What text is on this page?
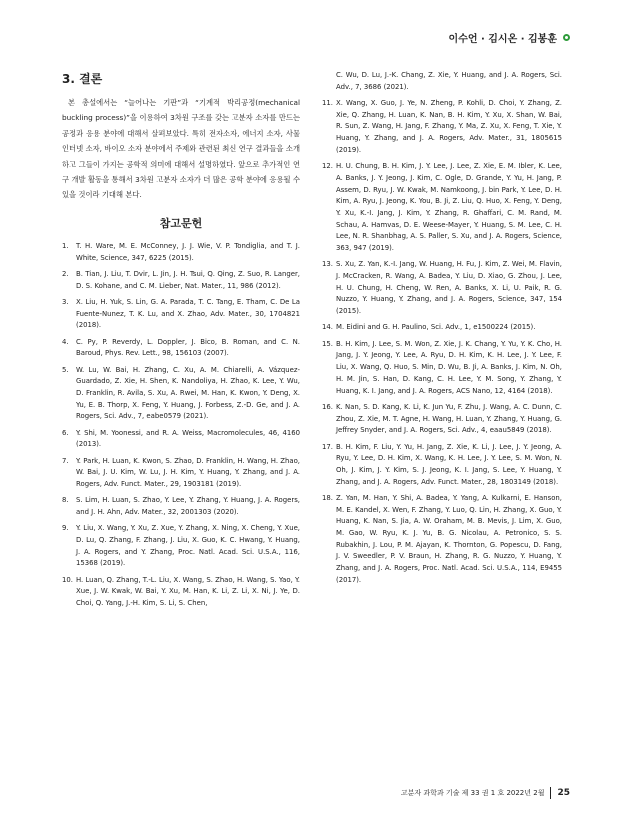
이수언 · 김시온 · 김봉훈
3. 결론

본 총설에서는 “늘어나는 기판”과 “기계적 박리공정(mechanical buckling process)”을 이용하여 3차원 구조를 갖는 고분자 소자를 만드는 공정과 응용 분야에 대해서 살펴보았다. 특히 전자소자, 에너지 소자, 사물인터넷 소자, 바이오 소자 분야에서 주제와 관련된 최신 연구 결과들을 소개하고 그들이 가지는 공학적 의미에 대해서 설명하였다. 앞으로 추가적인 연구 개발 활동을 통해서 3차원 고분자 소자가 더 많은 공학 분야에 응용될 수 있을 것이라 기대해 본다.

참고문헌
1. T. H. Ware, M. E. McConney, J. J. Wie, V. P. Tondiglia, and T. J. White, Science, 347, 6225 (2015).
2. B. Tian, J. Liu, T. Dvir, L. Jin, J. H. Tsui, Q. Qing, Z. Suo, R. Langer, D. S. Kohane, and C. M. Lieber, Nat. Mater., 11, 986 (2012).
3. X. Liu, H. Yuk, S. Lin, G. A. Parada, T. C. Tang, E. Tham, C. De La Fuente-Nunez, T. K. Lu, and X. Zhao, Adv. Mater., 30, 1704821 (2018).
4. C. Py, P. Reverdy, L. Doppler, J. Bico, B. Roman, and C. N. Baroud, Phys. Rev. Lett., 98, 156103 (2007).
5. W. Lu, W. Bai, H. Zhang, C. Xu, A. M. Chiarelli, A. Vázquez-Guardado, Z. Xie, H. Shen, K. Nandoliya, H. Zhao, K. Lee, Y. Wu, D. Franklin, R. Avila, S. Xu, A. Rwei, M. Han, K. Kwon, Y. Deng, X. Yu, E. B. Thorp, X. Feng, Y. Huang, J. Forbess, Z.-D. Ge, and J. A. Rogers, Sci. Adv., 7, eabe0579 (2021).
6. Y. Shi, M. Yoonessi, and R. A. Weiss, Macromolecules, 46, 4160 (2013).
7. Y. Park, H. Luan, K. Kwon, S. Zhao, D. Franklin, H. Wang, H. Zhao, W. Bai, J. U. Kim, W. Lu, J. H. Kim, Y. Huang, Y. Zhang, and J. A. Rogers, Adv. Funct. Mater., 29, 1903181 (2019).
8. S. Lim, H. Luan, S. Zhao, Y. Lee, Y. Zhang, Y. Huang, J. A. Rogers, and J. H. Ahn, Adv. Mater., 32, 2001303 (2020).
9. Y. Liu, X. Wang, Y. Xu, Z. Xue, Y. Zhang, X. Ning, X. Cheng, Y. Xue, D. Lu, Q. Zhang, F. Zhang, J. Liu, X. Guo, K. C. Hwang, Y. Huang, J. A. Rogers, and Y. Zhang, Proc. Natl. Acad. Sci. U.S.A., 116, 15368 (2019).
10. H. Luan, Q. Zhang, T.-L. Liu, X. Wang, S. Zhao, H. Wang, S. Yao, Y. Xue, J. W. Kwak, W. Bai, Y. Xu, M. Han, K. Li, Z. Li, X. Ni, J. Ye, D. Choi, Q. Yang, J.-H. Kim, S. Li, S. Chen,
C. Wu, D. Lu, J.-K. Chang, Z. Xie, Y. Huang, and J. A. Rogers, Sci. Adv., 7, 3686 (2021).
11. X. Wang, X. Guo, J. Ye, N. Zheng, P. Kohli, D. Choi, Y. Zhang, Z. Xie, Q. Zhang, H. Luan, K. Nan, B. H. Kim, Y. Xu, X. Shan, W. Bai, R. Sun, Z. Wang, H. Jang, F. Zhang, Y. Ma, Z. Xu, X. Feng, T. Xie, Y. Huang, Y. Zhang, and J. A. Rogers, Adv. Mater., 31, 1805615 (2019).
12. H. U. Chung, B. H. Kim, J. Y. Lee, J. Lee, Z. Xie, E. M. Ibler, K. Lee, A. Banks, J. Y. Jeong, J. Kim, C. Ogle, D. Grande, Y. Yu, H. Jang, P. Assem, D. Ryu, J. W. Kwak, M. Namkoong, J. bin Park, Y. Lee, D. H. Kim, A. Ryu, J. Jeong, K. You, B. Ji, Z. Liu, Q. Huo, X. Feng, Y. Deng, Y. Xu, K.-I. Jang, J. Kim, Y. Zhang, R. Ghaffari, C. M. Rand, M. Schau, A. Hamvas, D. E. Weese-Mayer, Y. Huang, S. M. Lee, C. H. Lee, N. R. Shanbhag, A. S. Paller, S. Xu, and J. A. Rogers, Science, 363, 947 (2019).
13. S. Xu, Z. Yan, K.-I. Jang, W. Huang, H. Fu, J. Kim, Z. Wei, M. Flavin, J. McCracken, R. Wang, A. Badea, Y. Liu, D. Xiao, G. Zhou, J. Lee, H. U. Chung, H. Cheng, W. Ren, A. Banks, X. Li, U. Paik, R. G. Nuzzo, Y. Huang, Y. Zhang, and J. A. Rogers, Science, 347, 154 (2015).
14. M. Eidini and G. H. Paulino, Sci. Adv., 1, e1500224 (2015).
15. B. H. Kim, J. Lee, S. M. Won, Z. Xie, J. K. Chang, Y. Yu, Y. K. Cho, H. Jang, J. Y. Jeong, Y. Lee, A. Ryu, D. H. Kim, K. H. Lee, J. Y. Lee, F. Liu, X. Wang, Q. Huo, S. Min, D. Wu, B. Ji, A. Banks, J. Kim, N. Oh, H. M. Jin, S. Han, D. Kang, C. H. Lee, Y. M. Song, Y. Zhang, Y. Huang, K. I. Jang, and J. A. Rogers, ACS Nano, 12, 4164 (2018).
16. K. Nan, S. D. Kang, K. Li, K. Jun Yu, F. Zhu, J. Wang, A. C. Dunn, C. Zhou, Z. Xie, M. T. Agne, H. Wang, H. Luan, Y. Zhang, Y. Huang, G. Jeffrey Snyder, and J. A. Rogers, Sci. Adv., 4, eaau5849 (2018).
17. B. H. Kim, F. Liu, Y. Yu, H. Jang, Z. Xie, K. Li, J. Lee, J. Y. Jeong, A. Ryu, Y. Lee, D. H. Kim, X. Wang, K. H. Lee, J. Y. Lee, S. M. Won, N. Oh, J. Kim, J. Y. Kim, S. J. Jeong, K. I. Jang, S. Lee, Y. Huang, Y. Zhang, and J. A. Rogers, Adv. Funct. Mater., 28, 1803149 (2018).
18. Z. Yan, M. Han, Y. Shi, A. Badea, Y. Yang, A. Kulkarni, E. Hanson, M. E. Kandel, X. Wen, F. Zhang, Y. Luo, Q. Lin, H. Zhang, X. Guo, Y. Huang, K. Nan, S. Jia, A. W. Oraham, M. B. Mevis, J. Lim, X. Guo, M. Gao, W. Ryu, K. J. Yu, B. G. Nicolau, A. Petronico, S. S. Rubakhin, J. Lou, P. M. Ajayan, K. Thornton, G. Popescu, D. Fang, J. V. Sweedler, P. V. Braun, H. Zhang, R. G. Nuzzo, Y. Huang, Y. Zhang, and J. A. Rogers, Proc. Natl. Acad. Sci. U.S.A., 114, E9455 (2017).
고분자 과학과 기술 제 33 권 1 호 2022년 2월 25
